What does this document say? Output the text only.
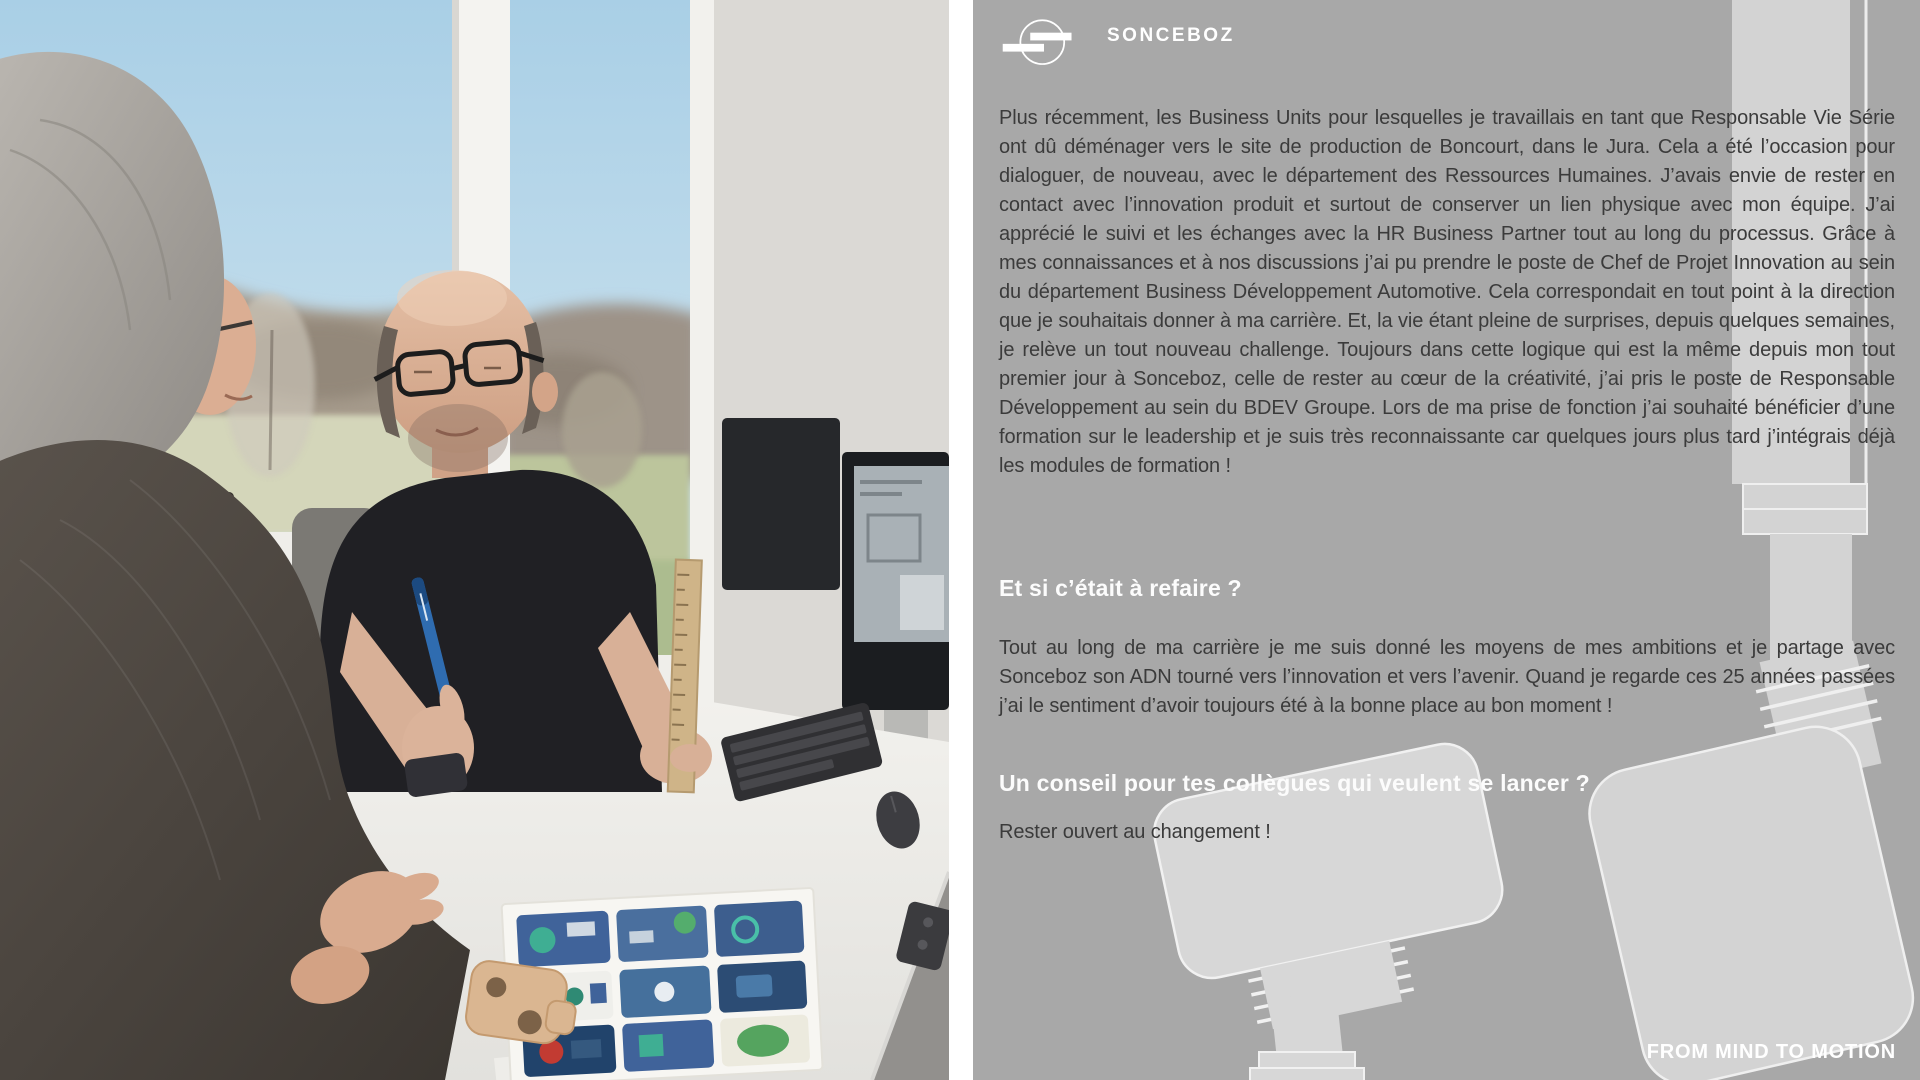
SONCEBOZ

Plus récemment, les Business Units pour lesquelles je travaillais en tant que Responsable Vie Série ont dû déménager vers le site de production de Boncourt, dans le Jura. Cela a été l’occasion pour dialoguer, de nouveau, avec le département des Ressources Humaines. J’avais envie de rester en contact avec l’innovation produit et surtout de conserver un lien physique avec mon équipe. J’ai apprécié le suivi et les échanges avec la HR Business Partner tout au long du processus. Grâce à mes connaissances et à nos discussions j’ai pu prendre le poste de Chef de Projet Innovation au sein du département Business Développement Automotive. Cela correspondait en tout point à la direction que je souhaitais donner à ma carrière. Et, la vie étant pleine de surprises, depuis quelques semaines, je relève un tout nouveau challenge. Toujours dans cette logique qui est la même depuis mon tout premier jour à Sonceboz, celle de rester au cœur de la créativité, j’ai pris le poste de Responsable Développement au sein du BDEV Groupe. Lors de ma prise de fonction j’ai souhaité bénéficier d’une formation sur le leadership et je suis très reconnaissante car quelques jours plus tard j’intégrais déjà les modules de formation !

Et si c’était à refaire ?

Tout au long de ma carrière je me suis donné les moyens de mes ambitions et je partage avec Sonceboz son ADN tourné vers l’innovation et vers l’avenir. Quand je regarde ces 25 années passées j’ai le sentiment d’avoir toujours été à la bonne place au bon moment !

Un conseil pour tes collègues qui veulent se lancer ?

Rester ouvert au changement !

FROM MIND TO MOTION
